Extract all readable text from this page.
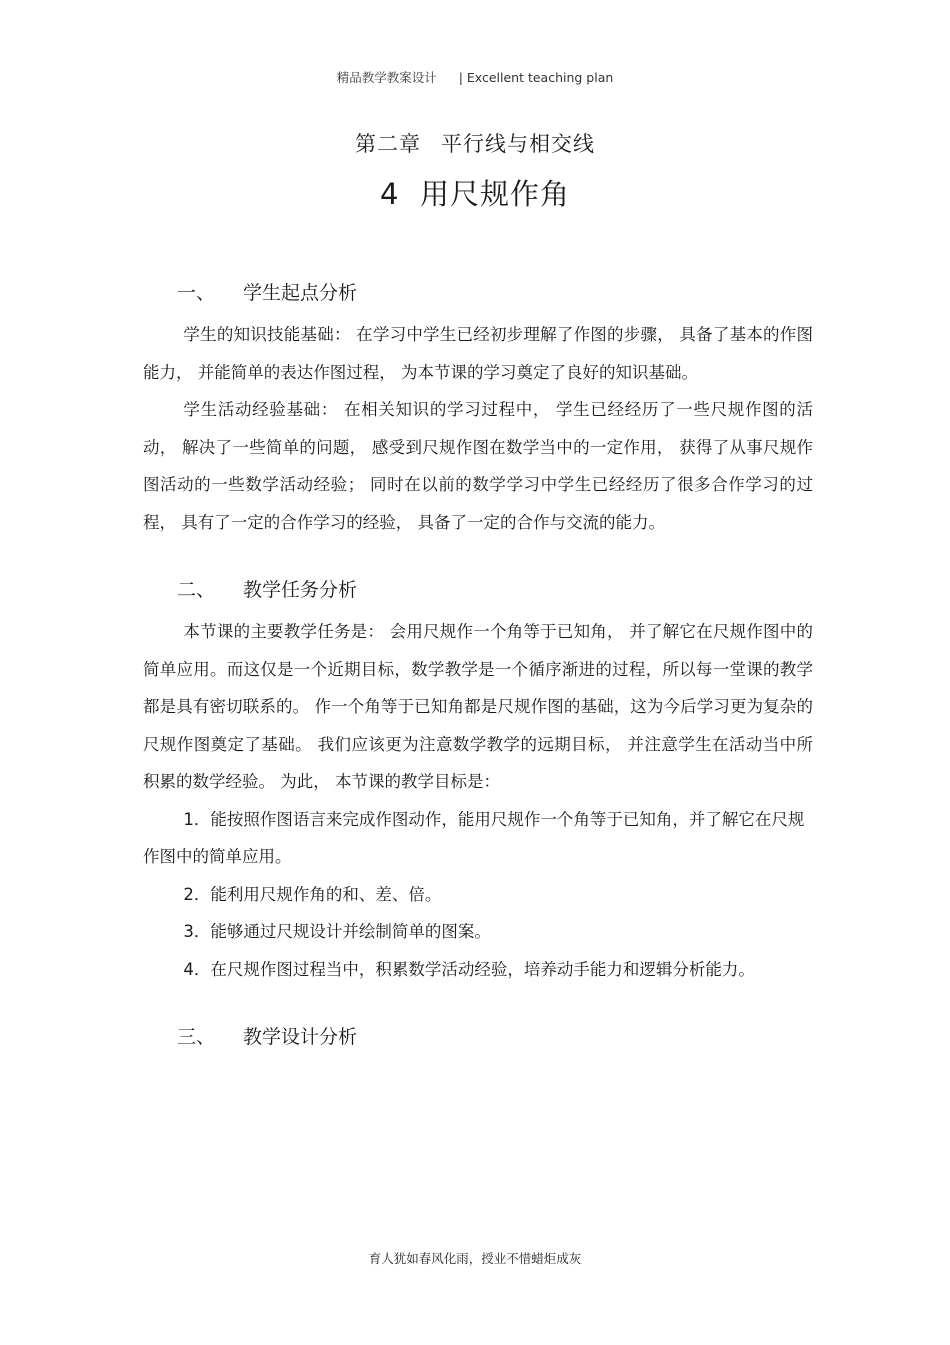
精品教学教案设计 | Excellent teaching plan
第二章 平行线与相交线
4 用尺规作角
一、 学生起点分析

学生的知识技能基础： 在学习中学生已经初步理解了作图的步骤， 具备了基本的作图能力， 并能简单的表达作图过程， 为本节课的学习奠定了良好的知识基础。

学生活动经验基础： 在相关知识的学习过程中， 学生已经经历了一些尺规作图的活动， 解决了一些简单的问题， 感受到尺规作图在数学当中的一定作用， 获得了从事尺规作图活动的一些数学活动经验； 同时在以前的数学学习中学生已经经历了很多合作学习的过程， 具有了一定的合作学习的经验， 具备了一定的合作与交流的能力。

二、 教学任务分析

本节课的主要教学任务是： 会用尺规作一个角等于已知角， 并了解它在尺规作图中的简单应用。而这仅是一个近期目标，数学教学是一个循序渐进的过程，所以每一堂课的教学都是具有密切联系的。 作一个角等于已知角都是尺规作图的基础，这为今后学习更为复杂的尺规作图奠定了基础。 我们应该更为注意数学教学的远期目标， 并注意学生在活动当中所积累的数学经验。 为此， 本节课的教学目标是：

1．能按照作图语言来完成作图动作，能用尺规作一个角等于已知角，并了解它在尺规作图中的简单应用。

2．能利用尺规作角的和、差、倍。

3．能够通过尺规设计并绘制简单的图案。

4．在尺规作图过程当中，积累数学活动经验，培养动手能力和逻辑分析能力。

三、 教学设计分析
育人犹如春风化雨，授业不惜蜡炬成灰
